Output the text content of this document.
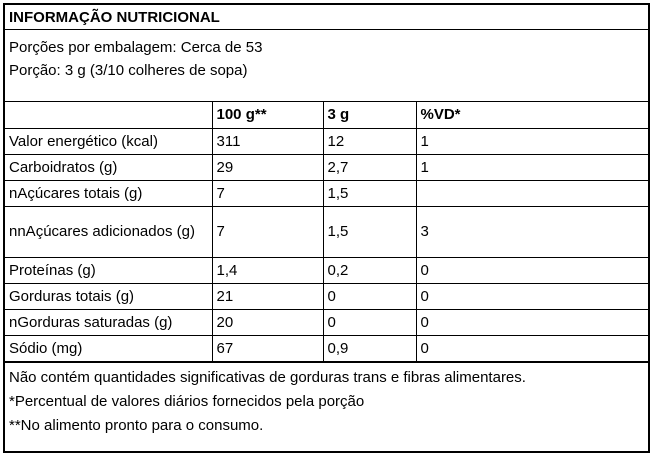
INFORMAÇÃO NUTRICIONAL
Porções por embalagem: Cerca de 53
Porção: 3 g (3/10 colheres de sopa)
	100 g**	3 g	%VD*
Valor energético (kcal)	311	12	1
Carboidratos (g)	29	2,7	1
nAçúcares totais (g)	7	1,5	
nnAçúcares adicionados (g)	7	1,5	3
Proteínas (g)	1,4	0,2	0
Gorduras totais (g)	21	0	0
nGorduras saturadas (g)	20	0	0
Sódio (mg)	67	0,9	0
Não contém quantidades significativas de gorduras trans e fibras alimentares.
*Percentual de valores diários fornecidos pela porção
**No alimento pronto para o consumo.
